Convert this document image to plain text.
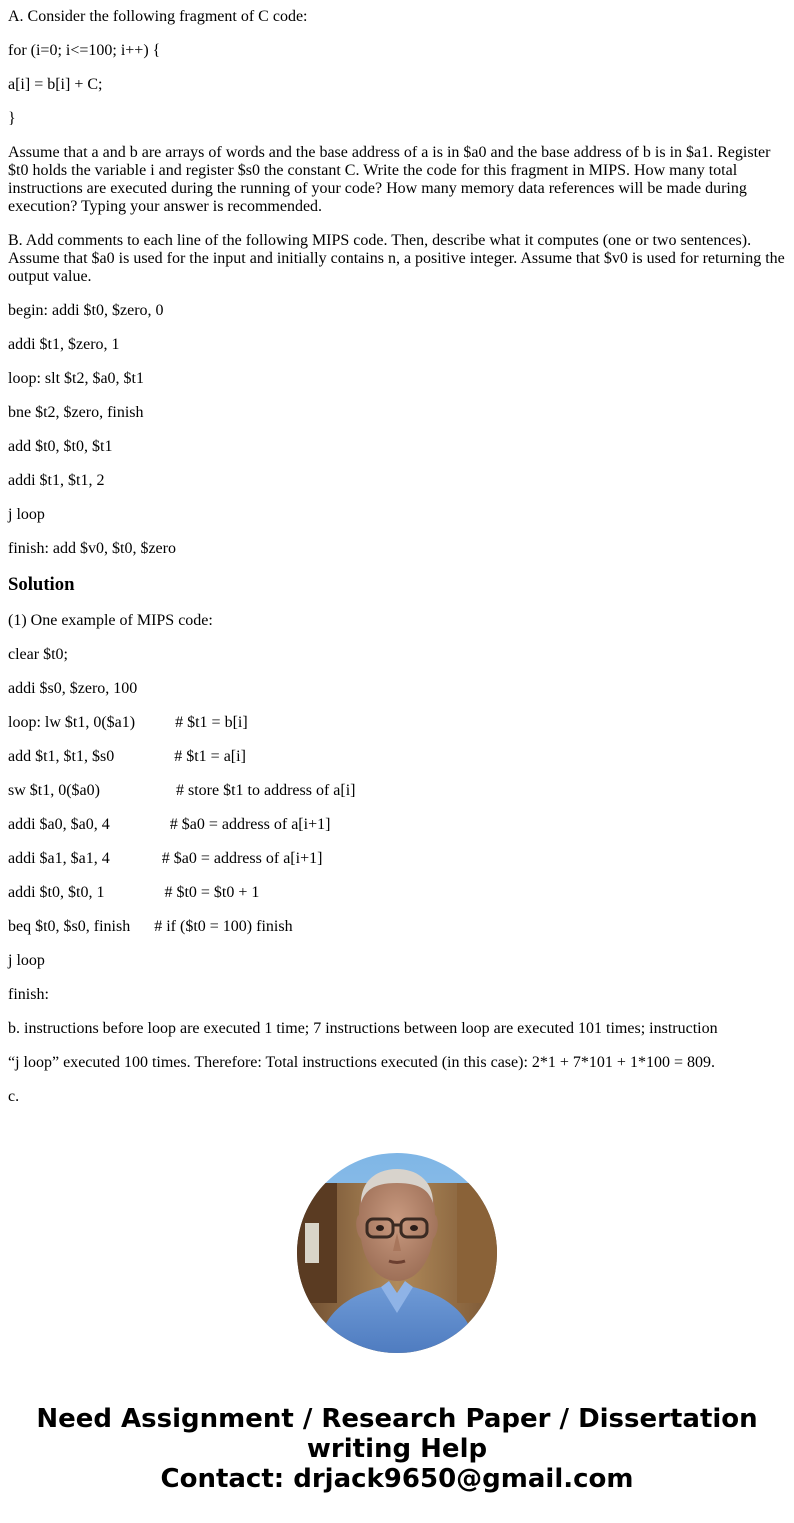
A. Consider the following fragment of C code:

for (i=0; i<=100; i++) {

a[i] = b[i] + C;

}

Assume that a and b are arrays of words and the base address of a is in $a0 and the base address of b is in $a1. Register $t0 holds the variable i and register $s0 the constant C. Write the code for this fragment in MIPS. How many total instructions are executed during the running of your code? How many memory data references will be made during execution? Typing your answer is recommended.

B. Add comments to each line of the following MIPS code. Then, describe what it computes (one or two sentences). Assume that $a0 is used for the input and initially contains n, a positive integer. Assume that $v0 is used for returning the output value.

begin: addi $t0, $zero, 0

addi $t1, $zero, 1

loop: slt $t2, $a0, $t1

bne $t2, $zero, finish

add $t0, $t0, $t1

addi $t1, $t1, 2

j loop

finish: add $v0, $t0, $zero

Solution

(1) One example of MIPS code:

clear $t0;

addi $s0, $zero, 100

loop: lw $t1, 0($a1)          # $t1 = b[i]

add $t1, $t1, $s0               # $t1 = a[i]

sw $t1, 0($a0)                   # store $t1 to address of a[i]

addi $a0, $a0, 4               # $a0 = address of a[i+1]

addi $a1, $a1, 4             # $a0 = address of a[i+1]

addi $t0, $t0, 1               # $t0 = $t0 + 1

beq $t0, $s0, finish      # if ($t0 = 100) finish

j loop

finish:

b. instructions before loop are executed 1 time; 7 instructions between loop are executed 101 times; instruction

“j loop” executed 100 times. Therefore: Total instructions executed (in this case): 2*1 + 7*101 + 1*100 = 809.

c.

Need Assignment / Research Paper / Dissertation
writing Help
Contact: drjack9650@gmail.com
